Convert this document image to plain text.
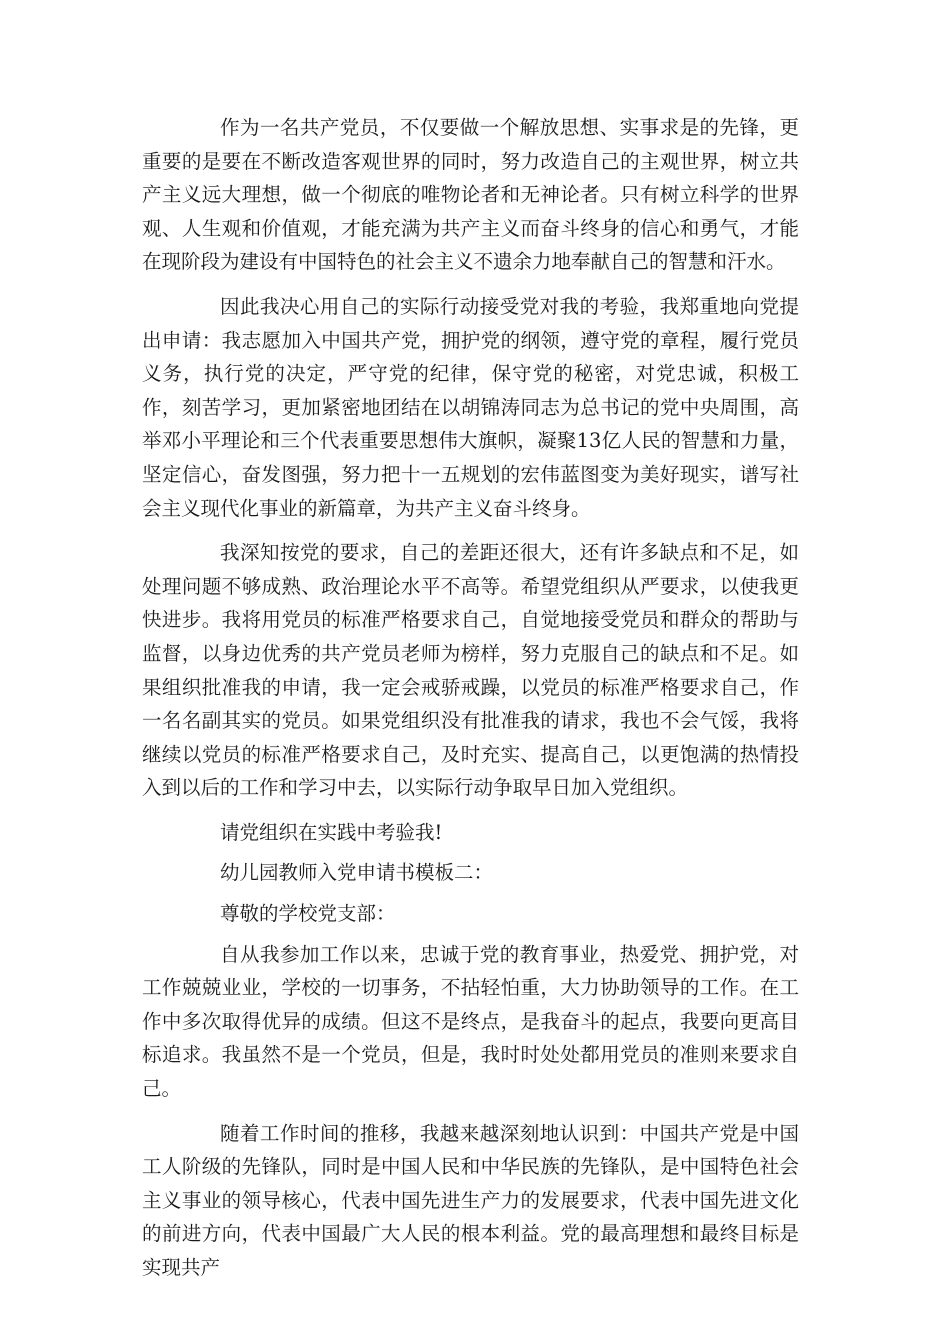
作为一名共产党员，不仅要做一个解放思想、实事求是的先锋，更重要的是要在不断改造客观世界的同时，努力改造自己的主观世界，树立共产主义远大理想，做一个彻底的唯物论者和无神论者。只有树立科学的世界观、人生观和价值观，才能充满为共产主义而奋斗终身的信心和勇气，才能在现阶段为建设有中国特色的社会主义不遗余力地奉献自己的智慧和汗水。

因此我决心用自己的实际行动接受党对我的考验，我郑重地向党提出申请：我志愿加入中国共产党，拥护党的纲领，遵守党的章程，履行党员义务，执行党的决定，严守党的纪律，保守党的秘密，对党忠诚，积极工作，刻苦学习，更加紧密地团结在以胡锦涛同志为总书记的党中央周围，高举邓小平理论和三个代表重要思想伟大旗帜，凝聚13亿人民的智慧和力量，坚定信心，奋发图强，努力把十一五规划的宏伟蓝图变为美好现实，谱写社会主义现代化事业的新篇章，为共产主义奋斗终身。

我深知按党的要求，自己的差距还很大，还有许多缺点和不足，如处理问题不够成熟、政治理论水平不高等。希望党组织从严要求，以使我更快进步。我将用党员的标准严格要求自己，自觉地接受党员和群众的帮助与监督，以身边优秀的共产党员老师为榜样，努力克服自己的缺点和不足。如果组织批准我的申请，我一定会戒骄戒躁，以党员的标准严格要求自己，作一名名副其实的党员。如果党组织没有批准我的请求，我也不会气馁，我将继续以党员的标准严格要求自己，及时充实、提高自己，以更饱满的热情投入到以后的工作和学习中去，以实际行动争取早日加入党组织。

请党组织在实践中考验我!

幼儿园教师入党申请书模板二：

尊敬的学校党支部：

自从我参加工作以来，忠诚于党的教育事业，热爱党、拥护党，对工作兢兢业业，学校的一切事务，不拈轻怕重，大力协助领导的工作。在工作中多次取得优异的成绩。但这不是终点，是我奋斗的起点，我要向更高目标追求。我虽然不是一个党员，但是，我时时处处都用党员的准则来要求自己。

随着工作时间的推移，我越来越深刻地认识到：中国共产党是中国工人阶级的先锋队，同时是中国人民和中华民族的先锋队，是中国特色社会主义事业的领导核心，代表中国先进生产力的发展要求，代表中国先进文化的前进方向，代表中国最广大人民的根本利益。党的最高理想和最终目标是实现共产
